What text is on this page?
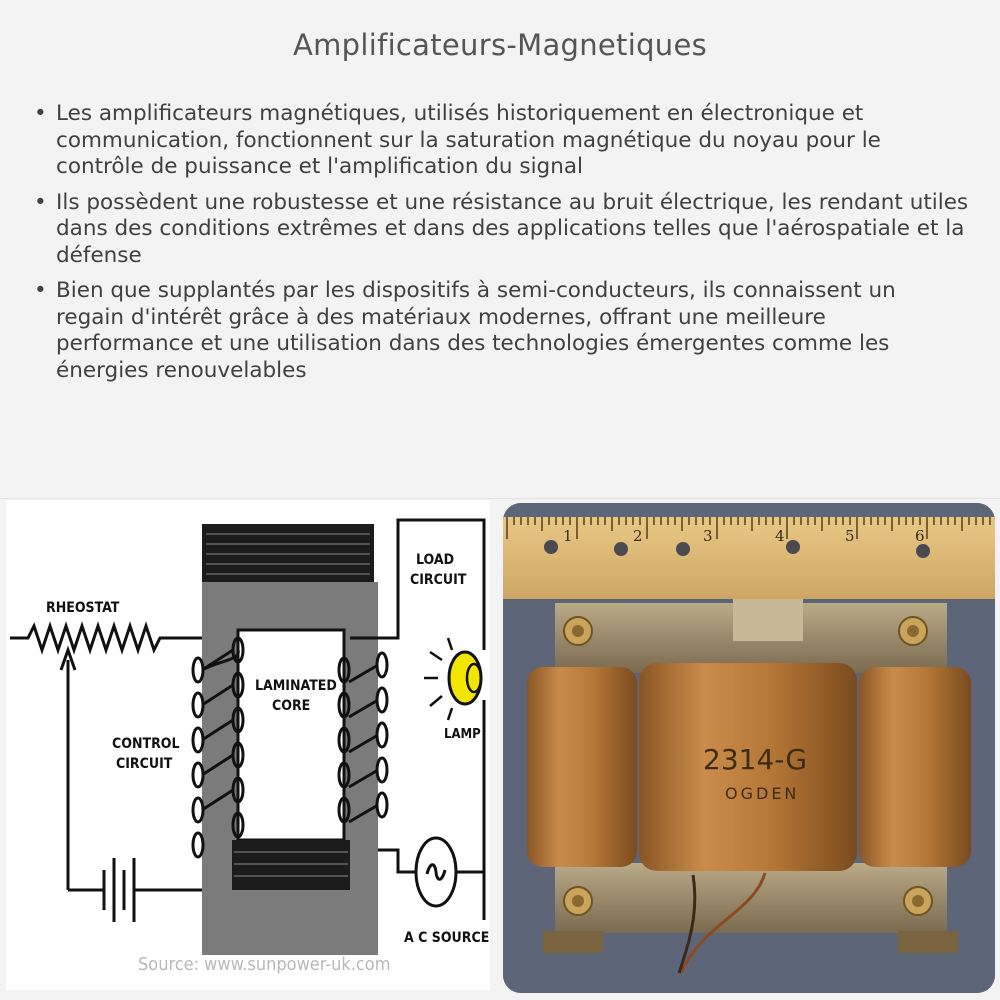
Amplificateurs-Magnetiques
• Les amplificateurs magnétiques, utilisés historiquement en électronique et communication, fonctionnent sur la saturation magnétique du noyau pour le contrôle de puissance et l'amplification du signal
• Ils possèdent une robustesse et une résistance au bruit électrique, les rendant utiles dans des conditions extrêmes et dans des applications telles que l'aérospatiale et la défense
• Bien que supplantés par les dispositifs à semi-conducteurs, ils connaissent un regain d'intérêt grâce à des matériaux modernes, offrant une meilleure performance et une utilisation dans des technologies émergentes comme les énergies renouvelables
RHEOSTAT
CONTROL
CIRCUIT
LAMINATED
CORE
LOAD
CIRCUIT
LAMP
A C SOURCE
Source: www.sunpower-uk.com
1	2	3	4	5	6
2314-G
OGDEN
